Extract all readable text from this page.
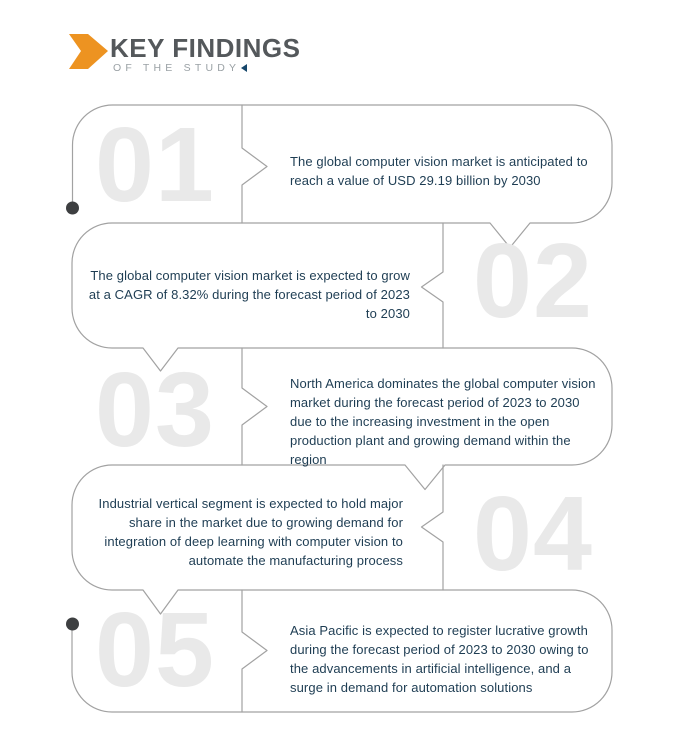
KEY FINDINGS
OF THE STUDY
01
02
03
04
05
The global computer vision market is anticipated to reach a value of USD 29.19 billion by 2030
The global computer vision market is expected to grow at a CAGR of 8.32% during the forecast period of 2023 to 2030
North America dominates the global computer vision market during the forecast period of 2023 to 2030 due to the increasing investment in the open production plant and growing demand within the region
Industrial vertical segment is expected to hold major share in the market due to growing demand for integration of deep learning with computer vision to automate the manufacturing process
Asia Pacific is expected to register lucrative growth during the forecast period of 2023 to 2030 owing to the advancements in artificial intelligence, and a surge in demand for automation solutions
